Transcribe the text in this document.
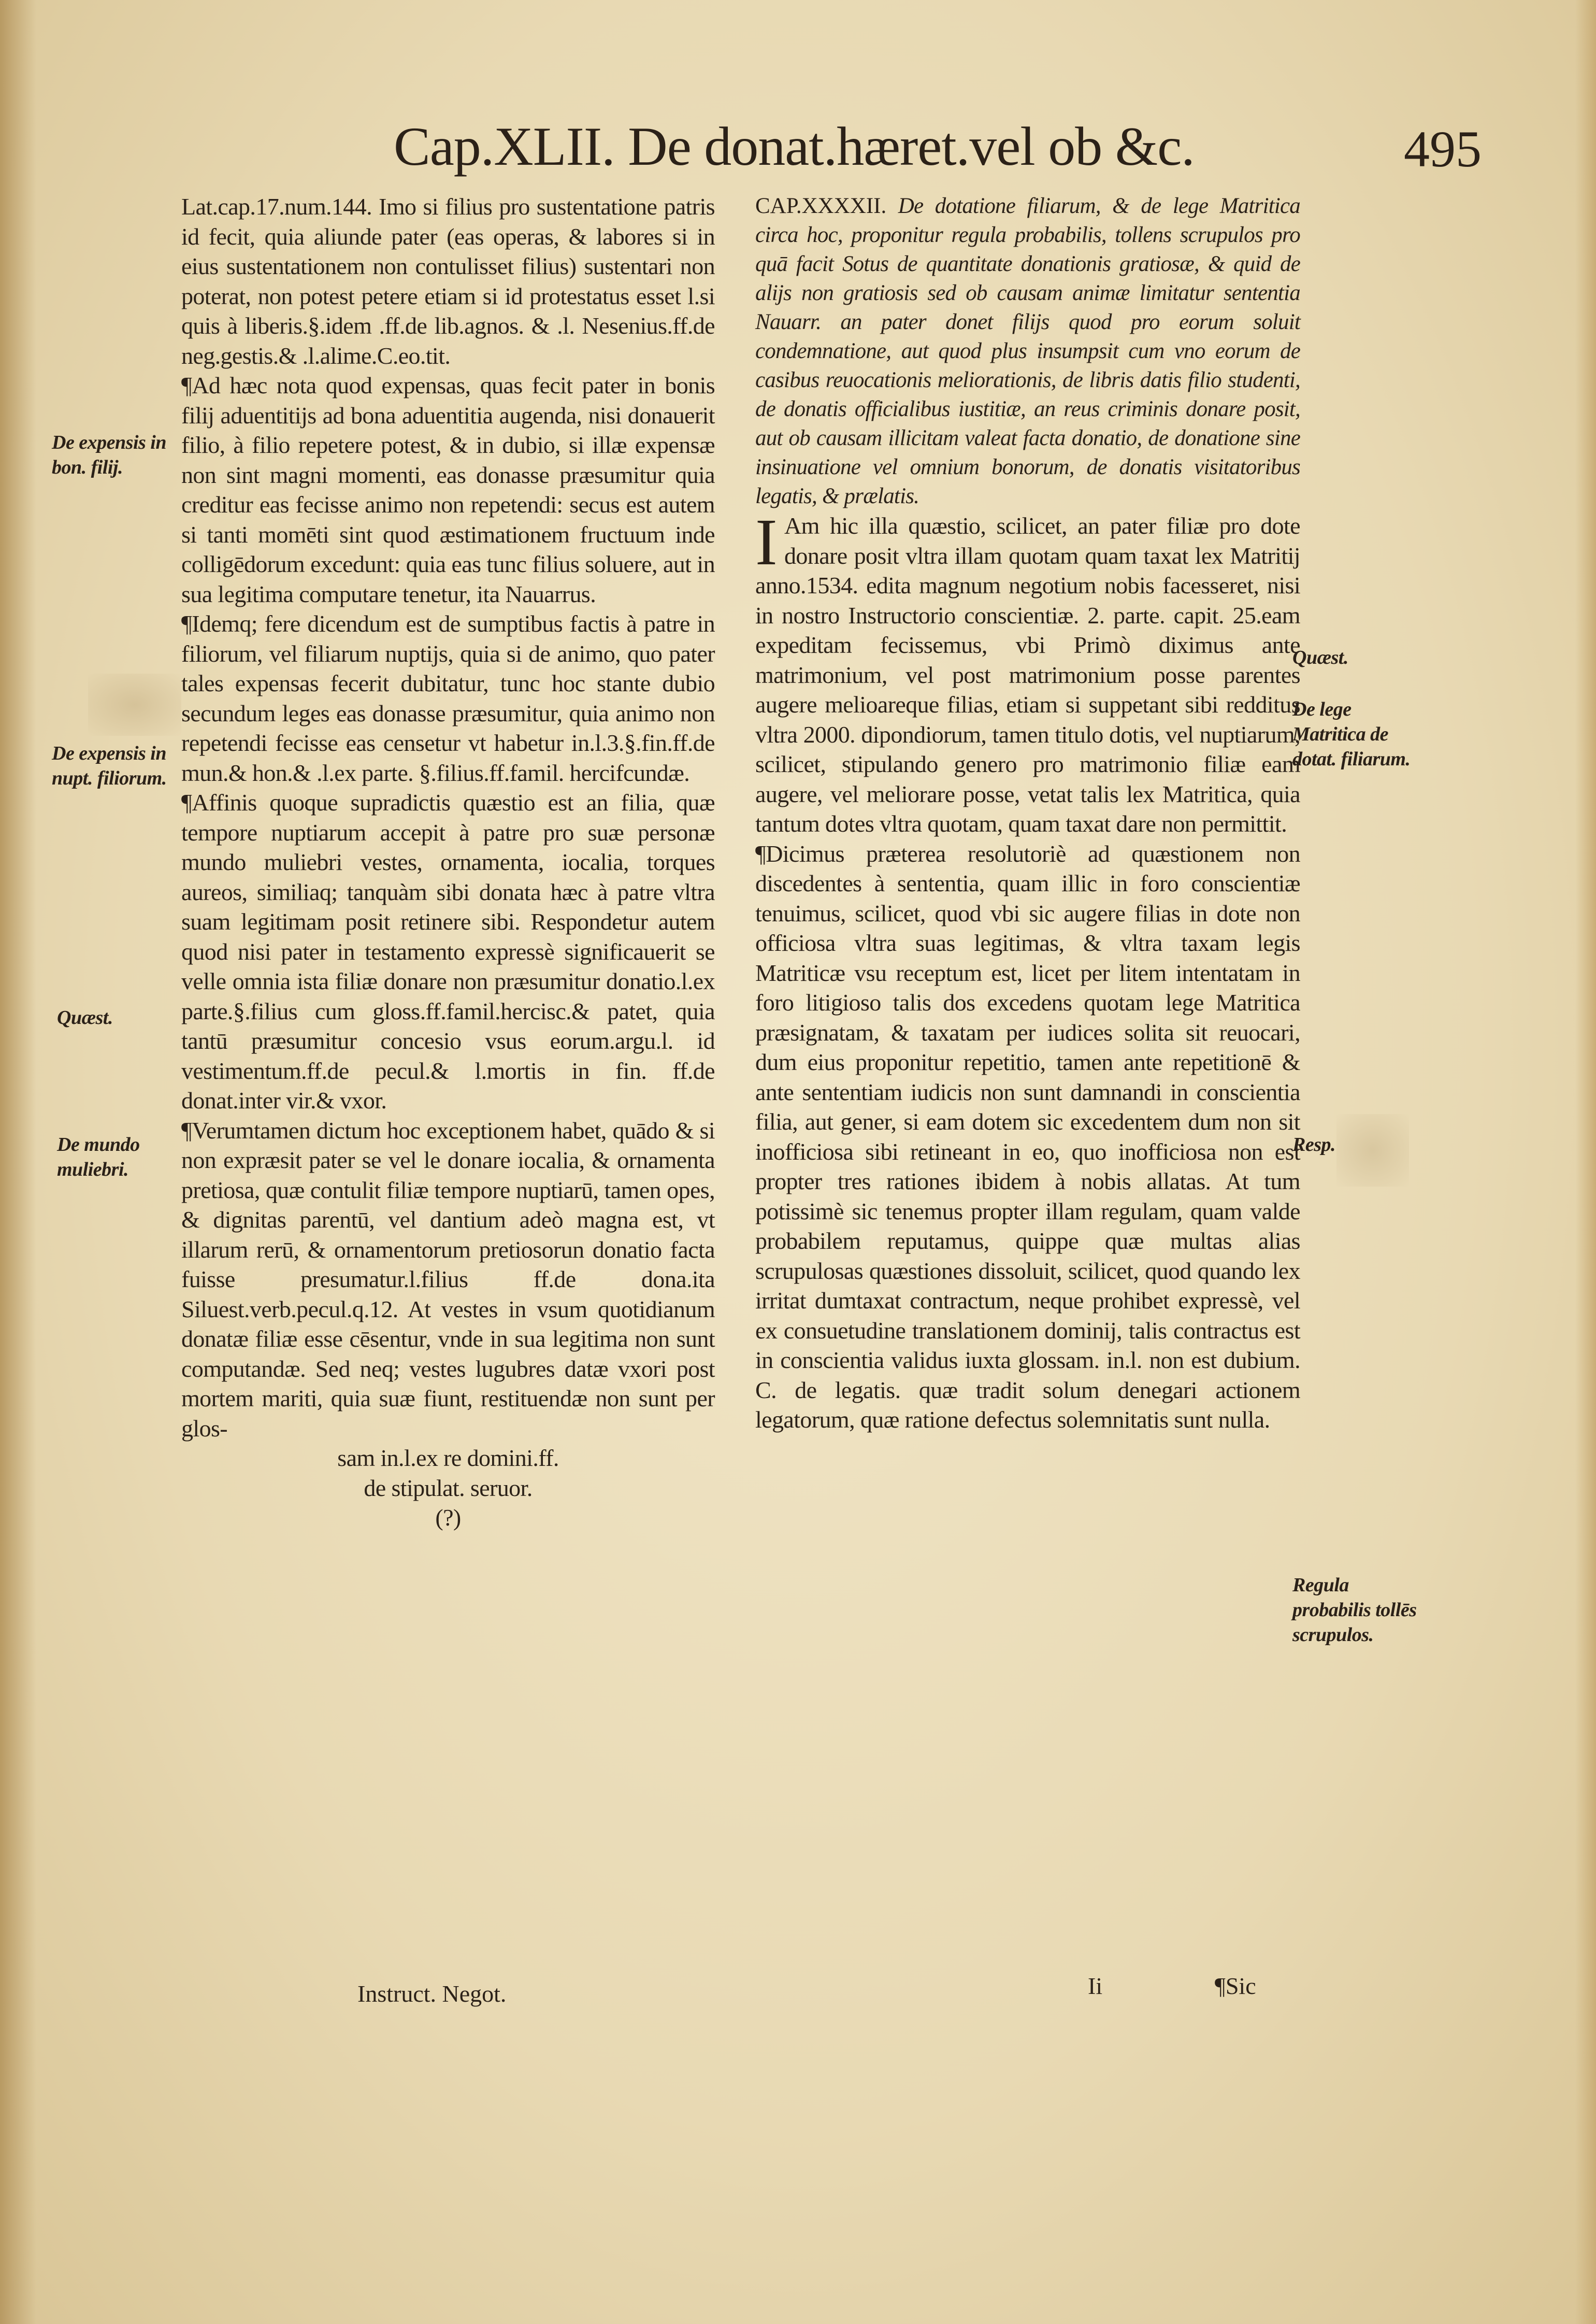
Cap.XLII. De donat.hæret.vel ob &c.	495

Lat.cap.17.num.144. Imo si filius pro sustentatione patris id fecit, quia aliunde pater (eas operas, & labores si in eius sustentationem non contulisset filius) sustentari non poterat, non potest petere etiam si id protestatus esset l.si quis à liberis.§.idem .ff.de lib.agnos. & .l. Nesenius.ff.de neg.gestis.& .l.alime.C.eo.tit.

¶Ad hæc nota quod expensas, quas fecit pater in bonis filij aduentitijs ad bona aduentitia augenda, nisi donauerit filio, à filio repetere potest, & in dubio, si illæ expensæ non sint magni momenti, eas donasse præsumitur quia creditur eas fecisse animo non repetendi: secus est autem si tanti momēti sint quod æstimationem fructuum inde colligēdorum excedunt: quia eas tunc filius soluere, aut in sua legitima computare tenetur, ita Nauarrus.

¶Idemq; fere dicendum est de sumptibus factis à patre in filiorum, vel filiarum nuptijs, quia si de animo, quo pater tales expensas fecerit dubitatur, tunc hoc stante dubio secundum leges eas donasse præsumitur, quia animo non repetendi fecisse eas censetur vt habetur in.l.3.§.fin.ff.de mun.& hon.& .l.ex parte. §.filius.ff.famil. hercifcundæ.

¶Affinis quoque supradictis quæstio est an filia, quæ tempore nuptiarum accepit à patre pro suæ personæ mundo muliebri vestes, ornamenta, iocalia, torques aureos, similiaq; tanquàm sibi donata hæc à patre vltra suam legitimam posit retinere sibi. Respondetur autem quod nisi pater in testamento expressè significauerit se velle omnia ista filiæ donare non præsumitur donatio.l.ex parte.§.filius cum gloss.ff.famil.hercisc.& patet, quia tantū præsumitur concesio vsus eorum.argu.l. id vestimentum.ff.de pecul.& l.mortis in fin. ff.de donat.inter vir.& vxor.

¶Verumtamen dictum hoc exceptionem habet, quādo & si non expræsit pater se vel le donare iocalia, & ornamenta pretiosa, quæ contulit filiæ tempore nuptiarū, tamen opes, & dignitas parentū, vel dantium adeò magna est, vt illarum rerū, & ornamentorum pretiosorun donatio facta fuisse presumatur.l.filius ff.de dona.ita Siluest.verb.pecul.q.12. At vestes in vsum quotidianum donatæ filiæ esse cēsentur, vnde in sua legitima non sunt computandæ. Sed neq; vestes lugubres datæ vxori post mortem mariti, quia suæ fiunt, restituendæ non sunt per glos-

sam in.l.ex re domini.ff.
de stipulat. seruor.
(?)

CAP.XXXXII. De dotatione filiarum, & de lege Matritica circa hoc, proponitur regula probabilis, tollens scrupulos pro quā facit Sotus de quantitate donationis gratiosæ, & quid de alijs non gratiosis sed ob causam animæ limitatur sententia Nauarr. an pater donet filijs quod pro eorum soluit condemnatione, aut quod plus insumpsit cum vno eorum de casibus reuocationis meliorationis, de libris datis filio studenti, de donatis officialibus iustitiæ, an reus criminis donare posit, aut ob causam illicitam valeat facta donatio, de donatione sine insinuatione vel omnium bonorum, de donatis visitatoribus legatis, & prælatis.

I Am hic illa quæstio, scilicet, an pater filiæ pro dote donare posit vltra illam quotam quam taxat lex Matritij anno.1534. edita magnum negotium nobis facesseret, nisi in nostro Instructorio conscientiæ. 2. parte. capit. 25.eam expeditam fecissemus, vbi Primò diximus ante matrimonium, vel post matrimonium posse parentes augere melioareque filias, etiam si suppetant sibi redditus vltra 2000. dipondiorum, tamen titulo dotis, vel nuptiarum, scilicet, stipulando genero pro matrimonio filiæ eam augere, vel meliorare posse, vetat talis lex Matritica, quia tantum dotes vltra quotam, quam taxat dare non permittit.

¶Dicimus præterea resolutoriè ad quæstionem non discedentes à sententia, quam illic in foro conscientiæ tenuimus, scilicet, quod vbi sic augere filias in dote non officiosa vltra suas legitimas, & vltra taxam legis Matriticæ vsu receptum est, licet per litem intentatam in foro litigioso talis dos excedens quotam lege Matritica præsignatam, & taxatam per iudices solita sit reuocari, dum eius proponitur repetitio, tamen ante repetitionē & ante sententiam iudicis non sunt damnandi in conscientia filia, aut gener, si eam dotem sic excedentem dum non sit inofficiosa sibi retineant in eo, quo inofficiosa non est propter tres rationes ibidem à nobis allatas. At tum potissimè sic tenemus propter illam regulam, quam valde probabilem reputamus, quippe quæ multas alias scrupulosas quæstiones dissoluit, scilicet, quod quando lex irritat dumtaxat contractum, neque prohibet expressè, vel ex consuetudine translationem dominij, talis contractus est in conscientia validus iuxta glossam. in.l. non est dubium. C. de legatis. quæ tradit solum denegari actionem legatorum, quæ ratione defectus solemnitatis sunt nulla.

De expensis in bon. filij.
De expensis in nupt. filiorum.
Quæst.
De mundo muliebri.
Quæst.
De lege Matritica de dotat. filiarum.
Resp.
Regula probabilis tollēs scrupulos.
Instruct. Negot.	Ii	¶Sic
